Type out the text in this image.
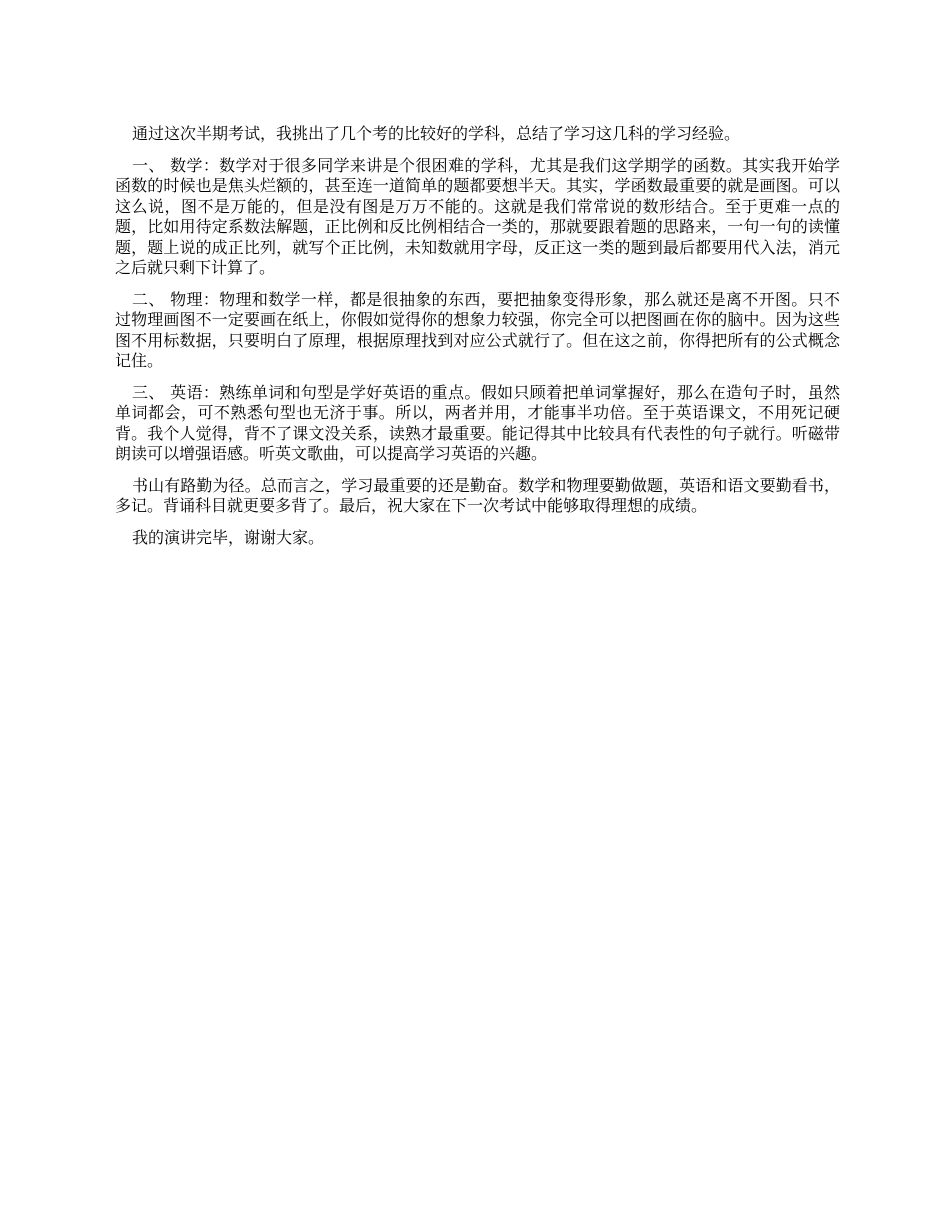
通过这次半期考试，我挑出了几个考的比较好的学科，总结了学习这几科的学习经验。

一、 数学：数学对于很多同学来讲是个很困难的学科，尤其是我们这学期学的函数。其实我开始学函数的时候也是焦头烂额的，甚至连一道简单的题都要想半天。其实，学函数最重要的就是画图。可以这么说，图不是万能的，但是没有图是万万不能的。这就是我们常常说的数形结合。至于更难一点的题，比如用待定系数法解题，正比例和反比例相结合一类的，那就要跟着题的思路来，一句一句的读懂题，题上说的成正比列，就写个正比例，未知数就用字母，反正这一类的题到最后都要用代入法，消元之后就只剩下计算了。

二、 物理：物理和数学一样，都是很抽象的东西，要把抽象变得形象，那么就还是离不开图。只不过物理画图不一定要画在纸上，你假如觉得你的想象力较强，你完全可以把图画在你的脑中。因为这些图不用标数据，只要明白了原理，根据原理找到对应公式就行了。但在这之前，你得把所有的公式概念记住。

三、 英语：熟练单词和句型是学好英语的重点。假如只顾着把单词掌握好，那么在造句子时，虽然单词都会，可不熟悉句型也无济于事。所以，两者并用，才能事半功倍。至于英语课文，不用死记硬背。我个人觉得，背不了课文没关系，读熟才最重要。能记得其中比较具有代表性的句子就行。听磁带朗读可以增强语感。听英文歌曲，可以提高学习英语的兴趣。

书山有路勤为径。总而言之，学习最重要的还是勤奋。数学和物理要勤做题，英语和语文要勤看书，多记。背诵科目就更要多背了。最后，祝大家在下一次考试中能够取得理想的成绩。

我的演讲完毕，谢谢大家。
